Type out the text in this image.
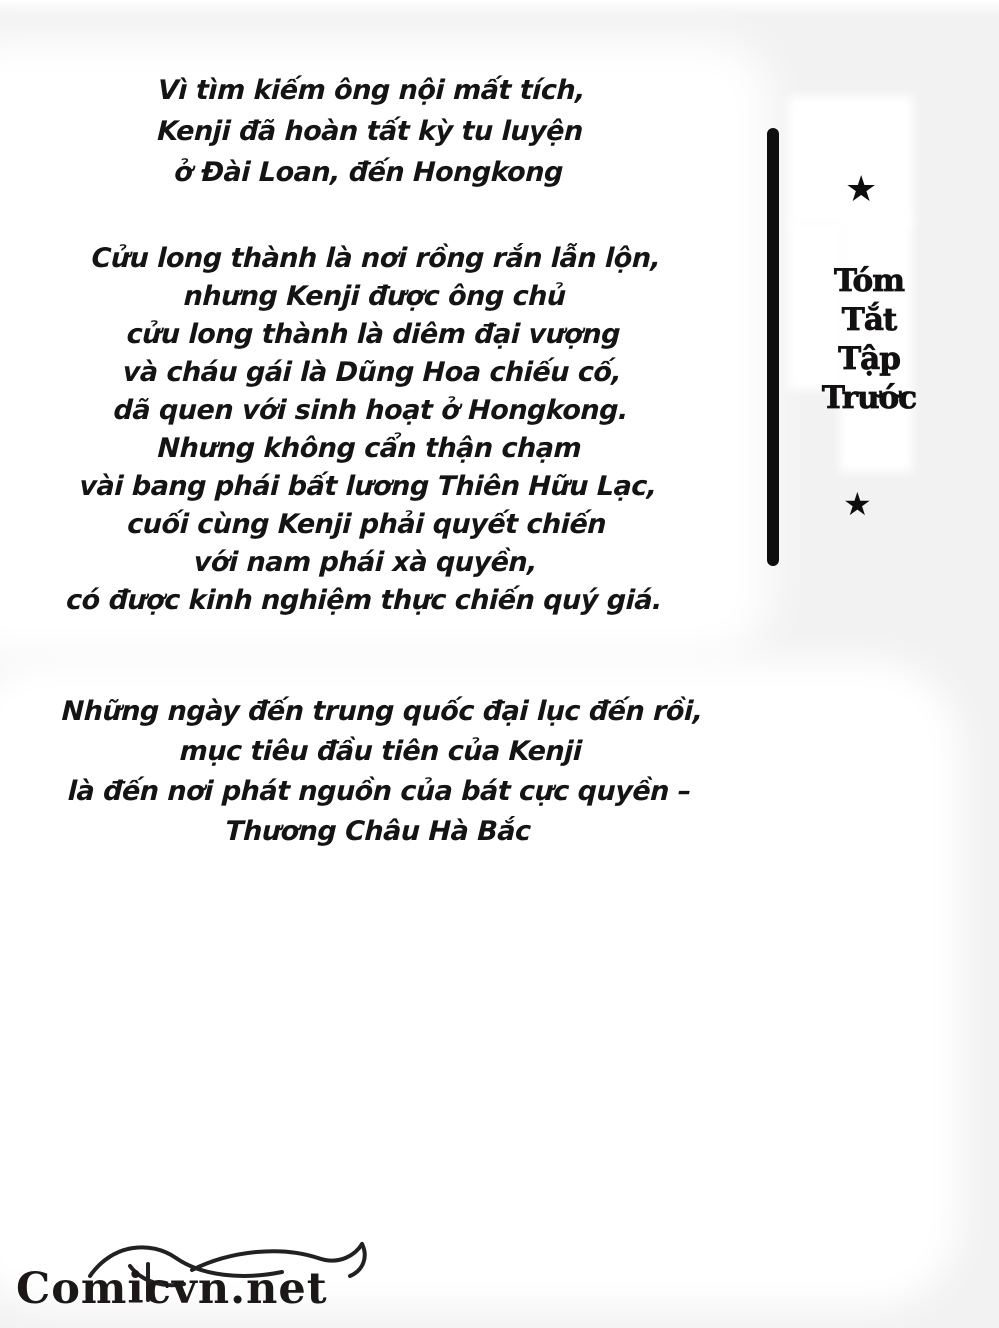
Vì tìm kiếm ông nội mất tích,
Kenji đã hoàn tất kỳ tu luyện
ở Đài Loan, đến Hongkong

Cửu long thành là nơi rồng rắn lẫn lộn,
nhưng Kenji được ông chủ
cửu long thành là diêm đại vượng
và cháu gái là Dũng Hoa chiếu cố,
dã quen với sinh hoạt ở Hongkong.
Nhưng không cẩn thận chạm
vài bang phái bất lương Thiên Hữu Lạc,
cuối cùng Kenji phải quyết chiến
với nam phái xà quyền,
có được kinh nghiệm thực chiến quý giá.

Những ngày đến trung quốc đại lục đến rồi,
mục tiêu đầu tiên của Kenji
là đến nơi phát nguồn của bát cực quyền –
Thương Châu Hà Bắc

★
Tóm
Tắt
Tập
Trước
★
Comicvn.net
